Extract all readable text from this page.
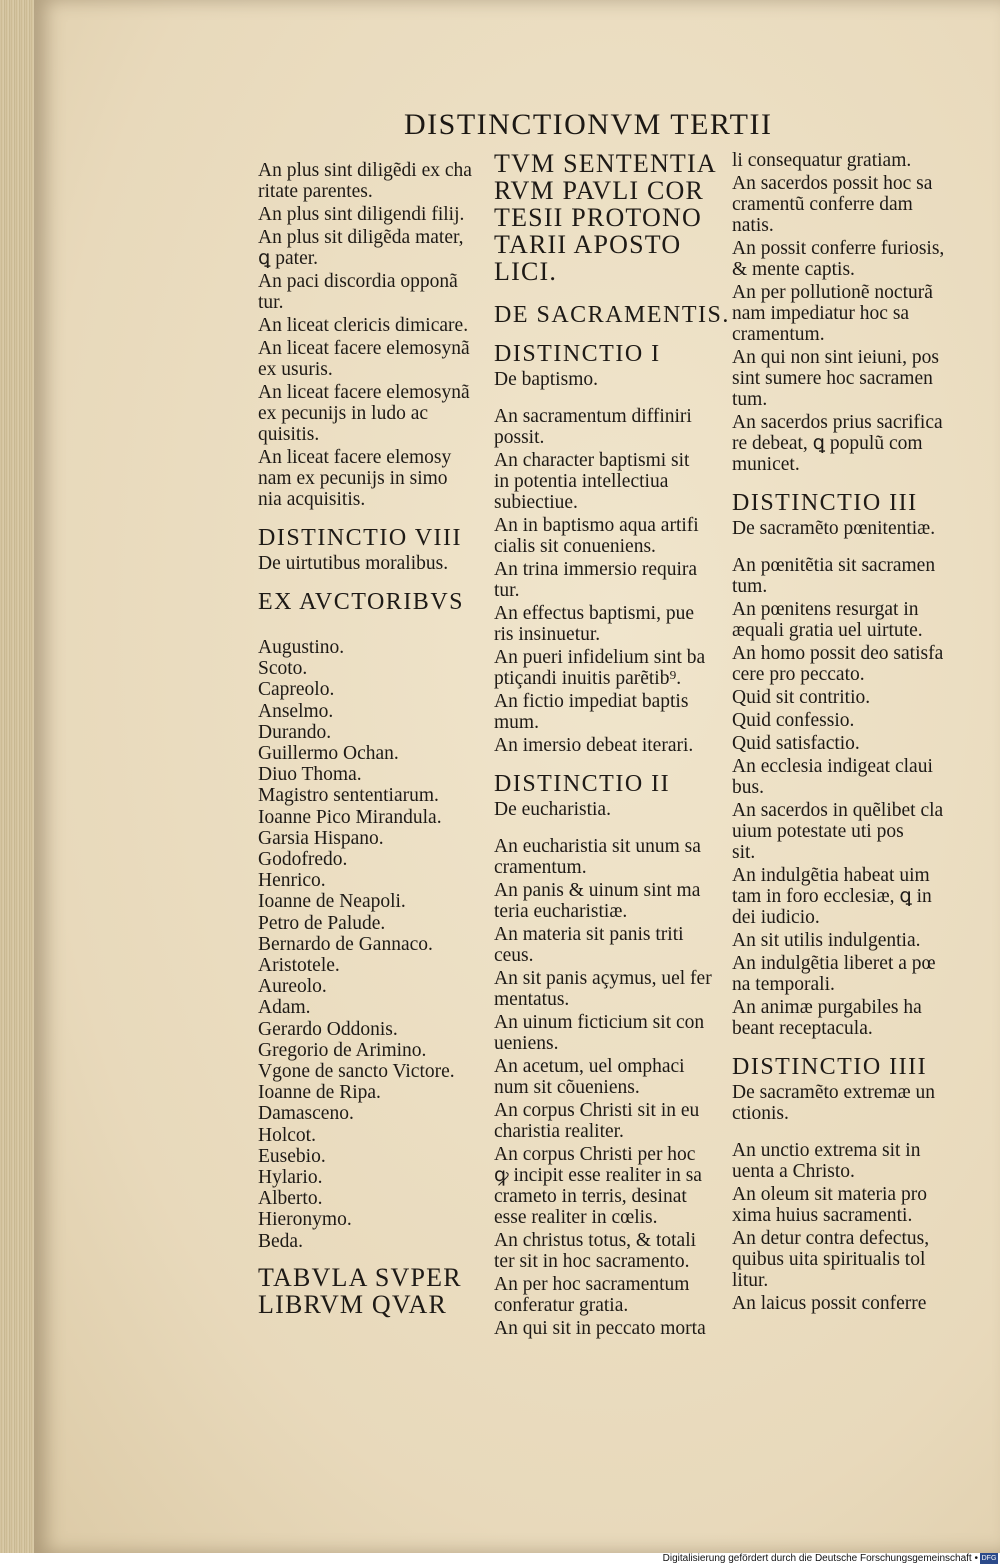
DISTINCTIONVM TERTII
An plus sint diligẽdi ex cha
ritate parentes.
An plus sint diligendi filij.
An plus sit diligẽda mater,
ꝗ pater.
An paci discordia opponã
tur.
An liceat clericis dimicare.
An liceat facere elemosynã
ex usuris.
An liceat facere elemosynã
ex pecunijs in ludo ac
quisitis.
An liceat facere elemosy
nam ex pecunijs in simo
nia acquisitis.
DISTINCTIO VIII
De uirtutibus moralibus.
EX AVCTORIBVS
Augustino.
Scoto.
Capreolo.
Anselmo.
Durando.
Guillermo Ochan.
Diuo Thoma.
Magistro sententiarum.
Ioanne Pico Mirandula.
Garsia Hispano.
Godofredo.
Henrico.
Ioanne de Neapoli.
Petro de Palude.
Bernardo de Gannaco.
Aristotele.
Aureolo.
Adam.
Gerardo Oddonis.
Gregorio de Arimino.
Vgone de sancto Victore.
Ioanne de Ripa.
Damasceno.
Holcot.
Eusebio.
Hylario.
Alberto.
Hieronymo.
Beda.
TABVLA SVPER
LIBRVM QVAR
TVM SENTENTIA
RVM PAVLI COR
TESII PROTONO
TARII APOSTO
LICI.
DE SACRAMENTIS.
DISTINCTIO I
De baptismo.
An sacramentum diffiniri
possit.
An character baptismi sit
in potentia intellectiua
subiectiue.
An in baptismo aqua artifi
cialis sit conueniens.
An trina immersio requira
tur.
An effectus baptismi, pue
ris insinuetur.
An pueri infidelium sint ba
ptiçandi inuitis parẽtib⁹.
An fictio impediat baptis
mum.
An imersio debeat iterari.
DISTINCTIO II
De eucharistia.
An eucharistia sit unum sa
cramentum.
An panis & uinum sint ma
teria eucharistiæ.
An materia sit panis triti
ceus.
An sit panis açymus, uel fer
mentatus.
An uinum ficticium sit con
ueniens.
An acetum, uel omphaci
num sit cõueniens.
An corpus Christi sit in eu
charistia realiter.
An corpus Christi per hoc
ꝙ incipit esse realiter in sa
crameto in terris, desinat
esse realiter in cœlis.
An christus totus, & totali
ter sit in hoc sacramento.
An per hoc sacramentum
conferatur gratia.
An qui sit in peccato morta
li consequatur gratiam.
An sacerdos possit hoc sa
cramentũ conferre dam
natis.
An possit conferre furiosis,
& mente captis.
An per pollutionẽ nocturã
nam impediatur hoc sa
cramentum.
An qui non sint ieiuni, pos
sint sumere hoc sacramen
tum.
An sacerdos prius sacrifica
re debeat, ꝗ populũ com
municet.
DISTINCTIO III
De sacramẽto pœnitentiæ.
An pœnitẽtia sit sacramen
tum.
An pœnitens resurgat in
æquali gratia uel uirtute.
An homo possit deo satisfa
cere pro peccato.
Quid sit contritio.
Quid confessio.
Quid satisfactio.
An ecclesia indigeat claui
bus.
An sacerdos in quẽlibet cla
uium potestate uti pos
sit.
An indulgẽtia habeat uim
tam in foro ecclesiæ, ꝗ in
dei iudicio.
An sit utilis indulgentia.
An indulgẽtia liberet a pœ
na temporali.
An animæ purgabiles ha
beant receptacula.
DISTINCTIO IIII
De sacramẽto extremæ un
ctionis.
An unctio extrema sit in
uenta a Christo.
An oleum sit materia pro
xima huius sacramenti.
An detur contra defectus,
quibus uita spiritualis tol
litur.
An laicus possit conferre
Digitalisierung gefördert durch die Deutsche Forschungsgemeinschaft • DFG
